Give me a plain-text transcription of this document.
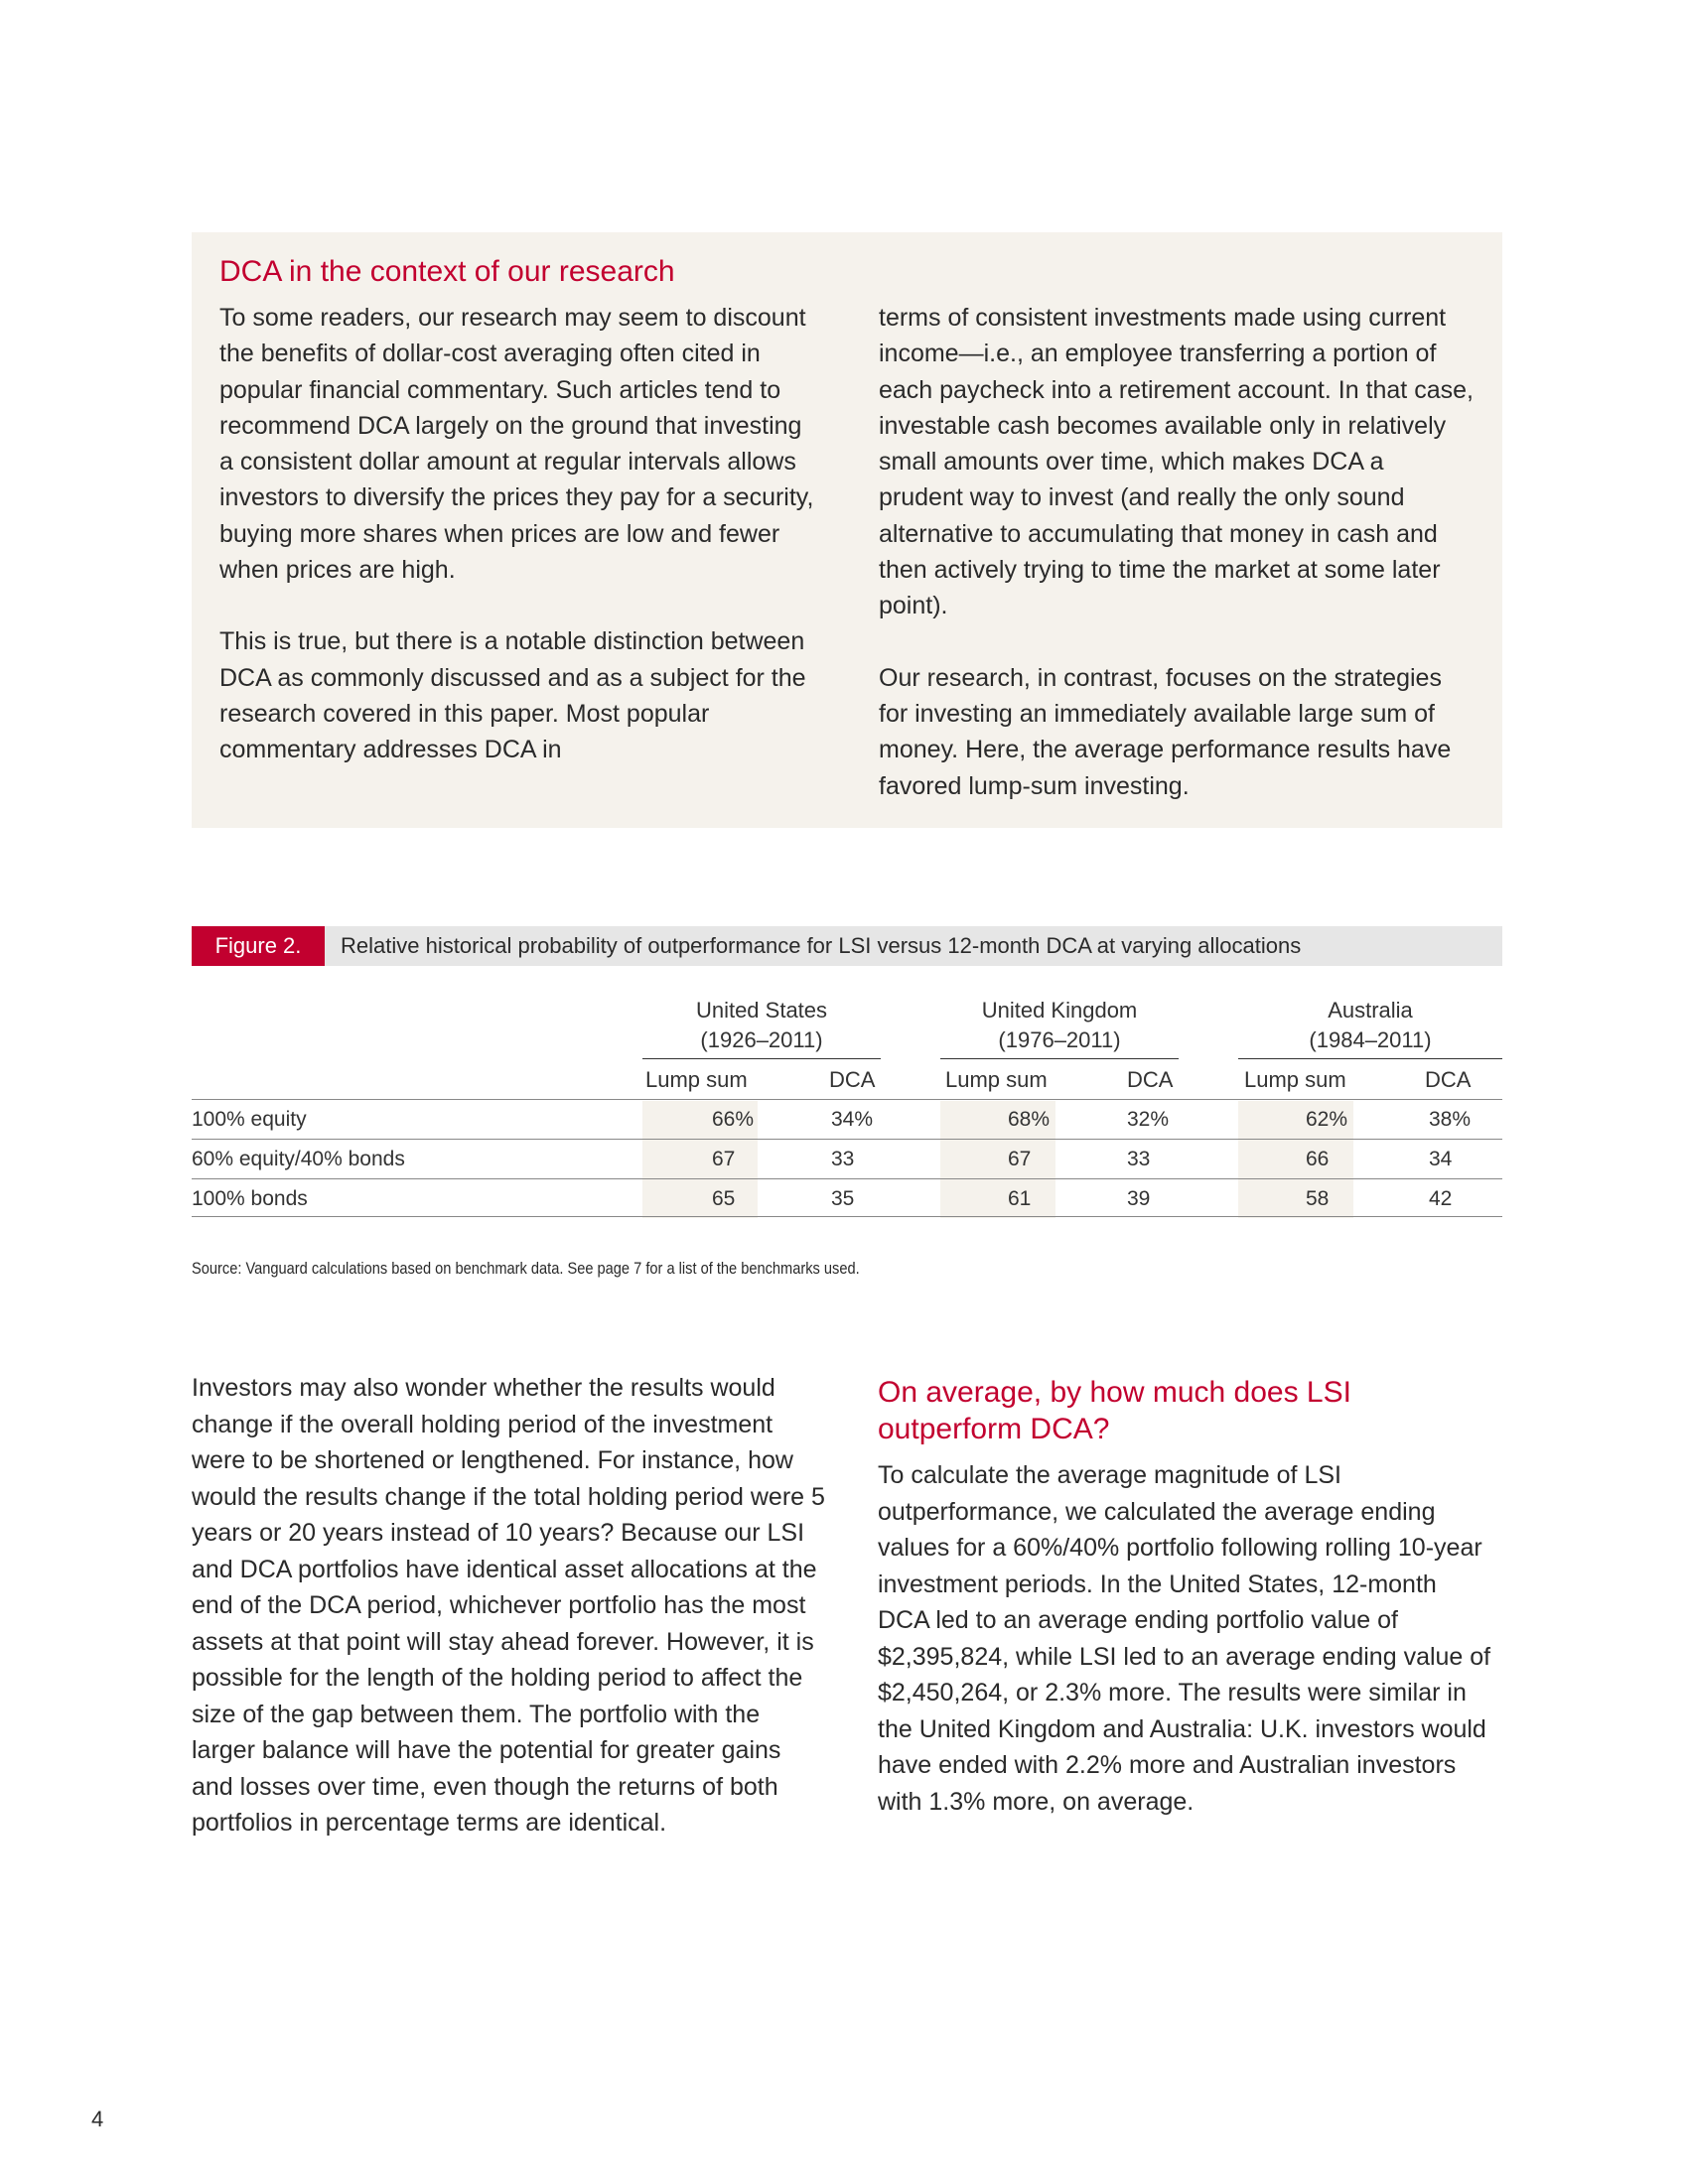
DCA in the context of our research

To some readers, our research may seem to discount the benefits of dollar-cost averaging often cited in popular financial commentary. Such articles tend to recommend DCA largely on the ground that investing a consistent dollar amount at regular intervals allows investors to diversify the prices they pay for a security, buying more shares when prices are low and fewer when prices are high.

This is true, but there is a notable distinction between DCA as commonly discussed and as a subject for the research covered in this paper. Most popular commentary addresses DCA in

terms of consistent investments made using current income—i.e., an employee transferring a portion of each paycheck into a retirement account. In that case, investable cash becomes available only in relatively small amounts over time, which makes DCA a prudent way to invest (and really the only sound alternative to accumulating that money in cash and then actively trying to time the market at some later point).

Our research, in contrast, focuses on the strategies for investing an immediately available large sum of money. Here, the average performance results have favored lump-sum investing.

Figure 2.	Relative historical probability of outperformance for LSI versus 12-month DCA at varying allocations
United States
(1926–2011)
United Kingdom
(1976–2011)
Australia
(1984–2011)
Lump sum	DCA	Lump sum	DCA	Lump sum	DCA
100% equity	66%	34%	68%	32%	62%	38%
60% equity/40% bonds	67	33	67	33	66	34
100% bonds	65	35	61	39	58	42
Source: Vanguard calculations based on benchmark data. See page 7 for a list of the benchmarks used.

Investors may also wonder whether the results would change if the overall holding period of the investment were to be shortened or lengthened. For instance, how would the results change if the total holding period were 5 years or 20 years instead of 10 years? Because our LSI and DCA portfolios have identical asset allocations at the end of the DCA period, whichever portfolio has the most assets at that point will stay ahead forever. However, it is possible for the length of the holding period to affect the size of the gap between them. The portfolio with the larger balance will have the potential for greater gains and losses over time, even though the returns of both portfolios in percentage terms are identical.

On average, by how much does LSI outperform DCA?

To calculate the average magnitude of LSI outperformance, we calculated the average ending values for a 60%/40% portfolio following rolling 10-year investment periods. In the United States, 12-month DCA led to an average ending portfolio value of $2,395,824, while LSI led to an average ending value of $2,450,264, or 2.3% more. The results were similar in the United Kingdom and Australia: U.K. investors would have ended with 2.2% more and Australian investors with 1.3% more, on average.

4
